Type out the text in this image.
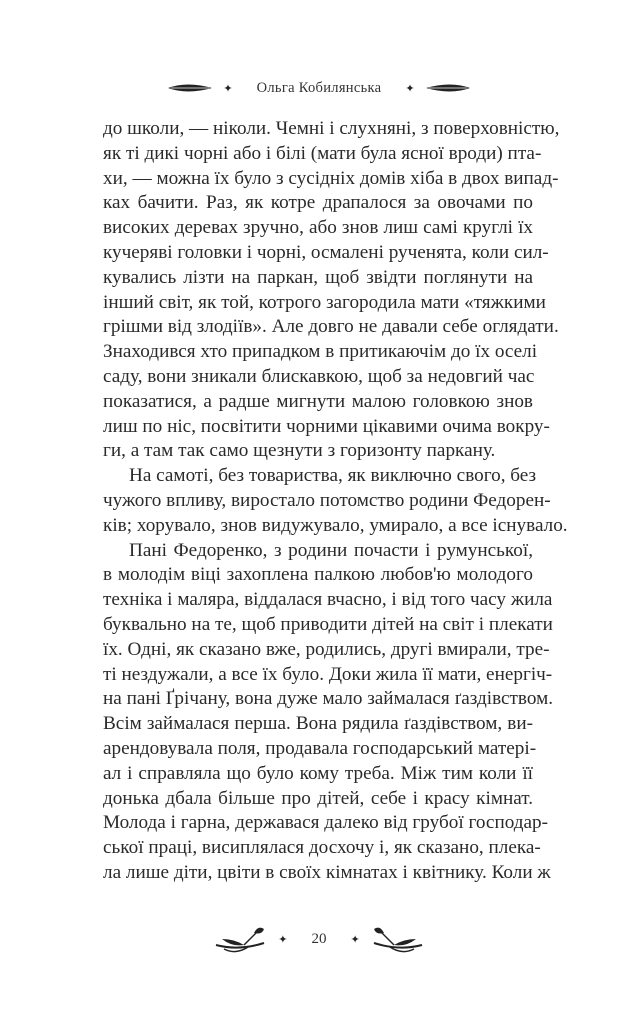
✦ Ольга Кобилянська ✦
до школи, — ніколи. Чемні і слухняні, з поверховністю,
як ті дикі чорні або і білі (мати була ясної вроди) пта-
хи, — можна їх було з сусідніх домів хіба в двох випад-
ках бачити. Раз, як котре драпалося за овочами по
високих деревах зручно, або знов лиш самі круглі їх
кучеряві головки і чорні, осмалені рученята, коли сил-
кувались лізти на паркан, щоб звідти поглянути на
інший світ, як той, котрого загородила мати «тяжкими
грішми від злодіїв». Але довго не давали себе оглядати.
Знаходився хто припадком в притикаючім до їх оселі
саду, вони зникали блискавкою, щоб за недовгий час
показатися, а радше мигнути малою головкою знов
лиш по ніс, посвітити чорними цікавими очима вокру-
ги, а там так само щезнути з горизонту паркану.
На самоті, без товариства, як виключно свого, без
чужого впливу, виростало потомство родини Федорен-
ків; хорувало, знов видужувало, умирало, а все існувало.
Пані Федоренко, з родини почасти і румунської,
в молодім віці захоплена палкою любов'ю молодого
техніка і маляра, віддалася вчасно, і від того часу жила
буквально на те, щоб приводити дітей на світ і плекати
їх. Одні, як сказано вже, родились, другі вмирали, тре-
ті нездужали, а все їх було. Доки жила її мати, енергіч-
на пані Ґрічану, вона дуже мало займалася ґаздівством.
Всім займалася перша. Вона рядила ґаздівством, ви-
арендовувала поля, продавала господарський матері-
ал і справляла що було кому треба. Між тим коли її
донька дбала більше про дітей, себе і красу кімнат.
Молода і гарна, державася далеко від грубої господар-
ської праці, висиплялася досхочу і, як сказано, плека-
ла лише діти, цвіти в своїх кімнатах і квітнику. Коли ж
✦ 20 ✦
